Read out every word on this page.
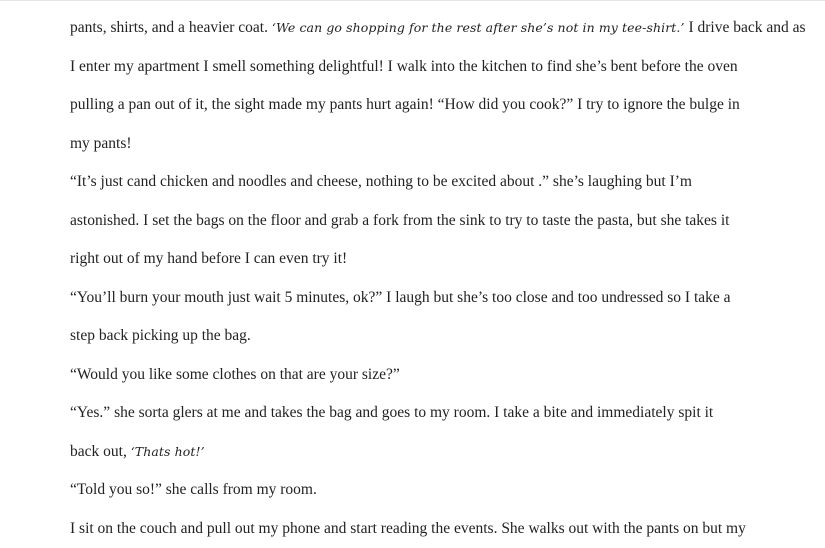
pants, shirts, and a heavier coat. ‘We can go shopping for the rest after she’s not in my tee-shirt.’ I drive back and as
I enter my apartment I smell something delightful! I walk into the kitchen to find she’s bent before the oven
pulling a pan out of it, the sight made my pants hurt again! “How did you cook?” I try to ignore the bulge in
my pants!

“It’s just cand chicken and noodles and cheese, nothing to be excited about .” she’s laughing but I’m
astonished. I set the bags on the floor and grab a fork from the sink to try to taste the pasta, but she takes it
right out of my hand before I can even try it!

“You’ll burn your mouth just wait 5 minutes, ok?” I laugh but she’s too close and too undressed so I take a
step back picking up the bag.

“Would you like some clothes on that are your size?”

“Yes.” she sorta glers at me and takes the bag and goes to my room. I take a bite and immediately spit it
back out, ‘Thats hot!’

“Told you so!” she calls from my room.

I sit on the couch and pull out my phone and start reading the events. She walks out with the pants on but my
